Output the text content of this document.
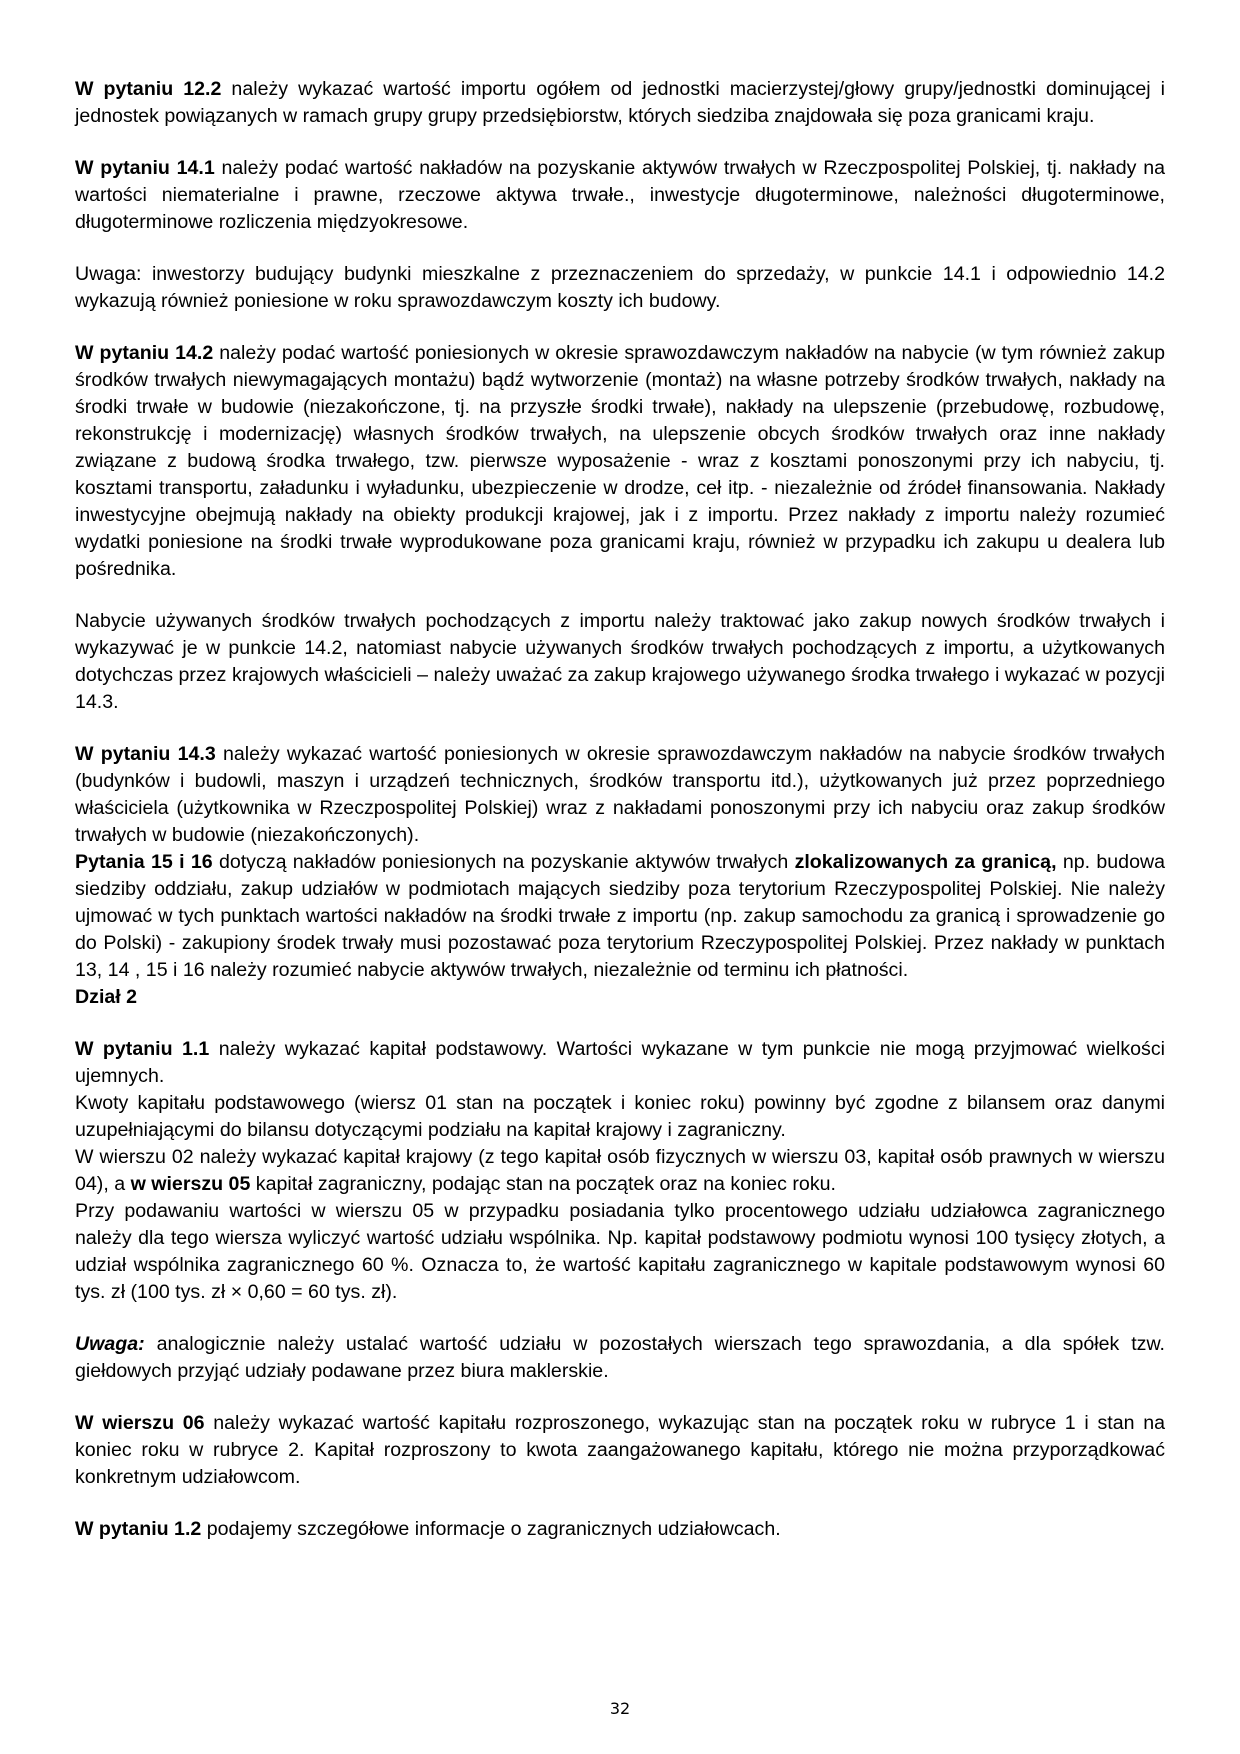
W pytaniu 12.2 należy wykazać wartość importu ogółem od jednostki macierzystej/głowy grupy/jednostki dominującej i jednostek powiązanych w ramach grupy grupy przedsiębiorstw, których siedziba znajdowała się poza granicami kraju.

W pytaniu 14.1 należy podać wartość nakładów na pozyskanie aktywów trwałych w Rzeczpospolitej Polskiej, tj. nakłady na wartości niematerialne i prawne, rzeczowe aktywa trwałe., inwestycje długoterminowe, należności długoterminowe, długoterminowe rozliczenia międzyokresowe.

Uwaga: inwestorzy budujący budynki mieszkalne z przeznaczeniem do sprzedaży, w punkcie 14.1 i odpowiednio 14.2 wykazują również poniesione w roku sprawozdawczym koszty ich budowy.

W pytaniu 14.2 należy podać wartość poniesionych w okresie sprawozdawczym nakładów na nabycie (w tym również zakup środków trwałych niewymagających montażu) bądź wytworzenie (montaż) na własne potrzeby środków trwałych, nakłady na środki trwałe w budowie (niezakończone, tj. na przyszłe środki trwałe), nakłady na ulepszenie (przebudowę, rozbudowę, rekonstrukcję i modernizację) własnych środków trwałych, na ulepszenie obcych środków trwałych oraz inne nakłady związane z budową środka trwałego, tzw. pierwsze wyposażenie - wraz z kosztami ponoszonymi przy ich nabyciu, tj. kosztami transportu, załadunku i wyładunku, ubezpieczenie w drodze, ceł itp. - niezależnie od źródeł finansowania. Nakłady inwestycyjne obejmują nakłady na obiekty produkcji krajowej, jak i z importu. Przez nakłady z importu należy rozumieć wydatki poniesione na środki trwałe wyprodukowane poza granicami kraju, również w przypadku ich zakupu u dealera lub pośrednika.

Nabycie używanych środków trwałych pochodzących z importu należy traktować jako zakup nowych środków trwałych i wykazywać je w punkcie 14.2, natomiast nabycie używanych środków trwałych pochodzących z importu, a użytkowanych dotychczas przez krajowych właścicieli – należy uważać za zakup krajowego używanego środka trwałego i wykazać w pozycji 14.3.

W pytaniu 14.3 należy wykazać wartość poniesionych w okresie sprawozdawczym nakładów na nabycie środków trwałych (budynków i budowli, maszyn i urządzeń technicznych, środków transportu itd.), użytkowanych już przez poprzedniego właściciela (użytkownika w Rzeczpospolitej Polskiej) wraz z nakładami ponoszonymi przy ich nabyciu oraz zakup środków trwałych w budowie (niezakończonych).

Pytania 15 i 16 dotyczą nakładów poniesionych na pozyskanie aktywów trwałych zlokalizowanych za granicą, np. budowa siedziby oddziału, zakup udziałów w podmiotach mających siedziby poza terytorium Rzeczypospolitej Polskiej. Nie należy ujmować w tych punktach wartości nakładów na środki trwałe z importu (np. zakup samochodu za granicą i sprowadzenie go do Polski) - zakupiony środek trwały musi pozostawać poza terytorium Rzeczypospolitej Polskiej. Przez nakłady w punktach 13, 14 , 15 i 16 należy rozumieć nabycie aktywów trwałych, niezależnie od terminu ich płatności.

Dział 2

W pytaniu 1.1 należy wykazać kapitał podstawowy. Wartości wykazane w tym punkcie nie mogą przyjmować wielkości ujemnych.

Kwoty kapitału podstawowego (wiersz 01 stan na początek i koniec roku) powinny być zgodne z bilansem oraz danymi uzupełniającymi do bilansu dotyczącymi podziału na kapitał krajowy i zagraniczny.

W wierszu 02 należy wykazać kapitał krajowy (z tego kapitał osób fizycznych w wierszu 03, kapitał osób prawnych w wierszu 04), a w wierszu 05 kapitał zagraniczny, podając stan na początek oraz na koniec roku.

Przy podawaniu wartości w wierszu 05 w przypadku posiadania tylko procentowego udziału udziałowca zagranicznego należy dla tego wiersza wyliczyć wartość udziału wspólnika. Np. kapitał podstawowy podmiotu wynosi 100 tysięcy złotych, a udział wspólnika zagranicznego 60 %. Oznacza to, że wartość kapitału zagranicznego w kapitale podstawowym wynosi 60 tys. zł (100 tys. zł × 0,60 = 60 tys. zł).

Uwaga: analogicznie należy ustalać wartość udziału w pozostałych wierszach tego sprawozdania, a dla spółek tzw. giełdowych przyjąć udziały podawane przez biura maklerskie.

W wierszu 06 należy wykazać wartość kapitału rozproszonego, wykazując stan na początek roku w rubryce 1 i stan na koniec roku w rubryce 2. Kapitał rozproszony to kwota zaangażowanego kapitału, którego nie można przyporządkować konkretnym udziałowcom.

W pytaniu 1.2 podajemy szczegółowe informacje o zagranicznych udziałowcach.

32
